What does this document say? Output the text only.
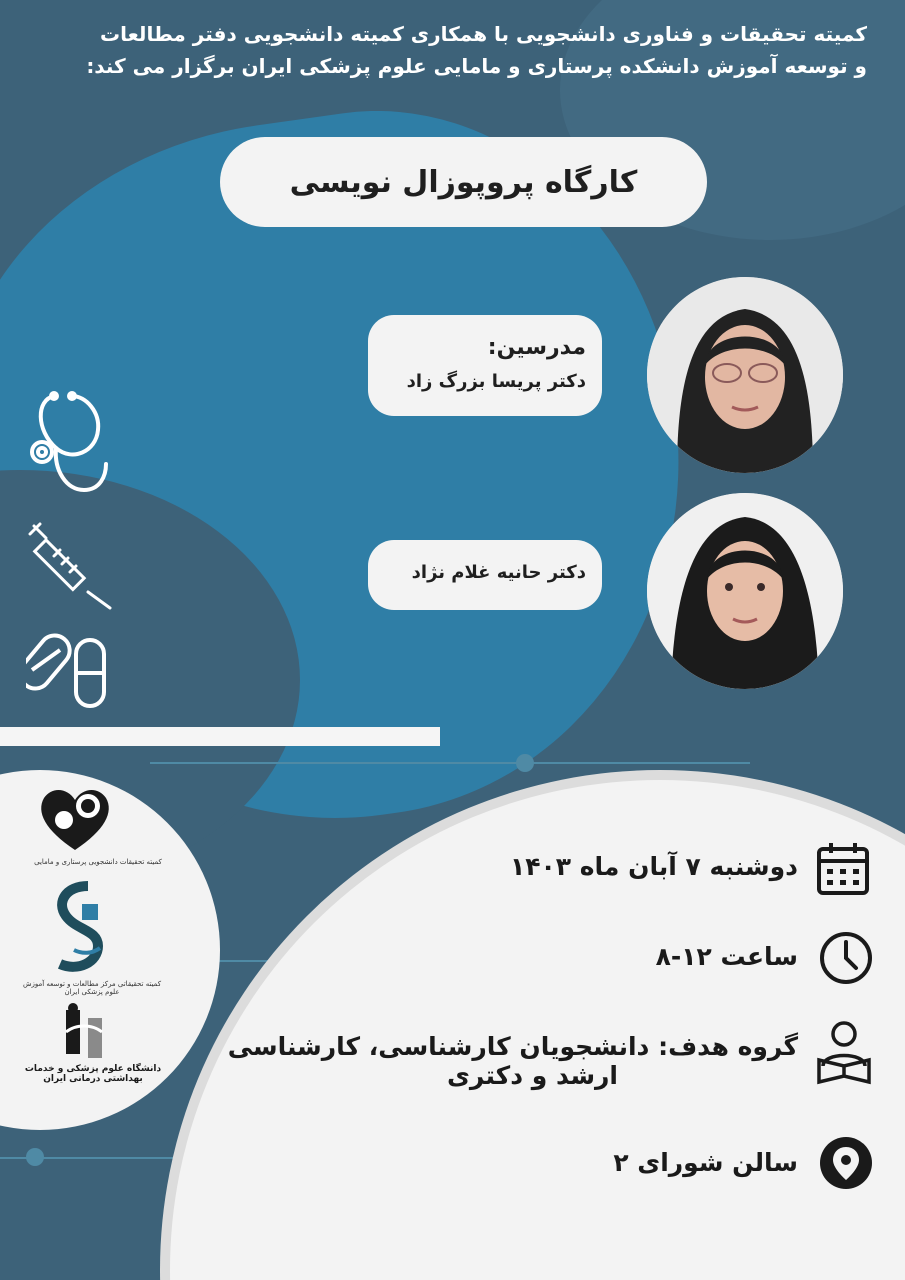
کمیته تحقیقات و فناوری دانشجویی با همکاری کمیته دانشجویی دفتر مطالعات
و توسعه آموزش دانشکده پرستاری و مامایی علوم پزشکی ایران برگزار می کند:
کارگاه پروپوزال نویسی
مدرسین:
دکتر پریسا بزرگ زاد
دکتر حانیه غلام نژاد
کمیته تحقیقات دانشجویی پرستاری و مامایی
کمیته تحقیقاتی مرکز مطالعات و توسعه آموزش علوم پزشکی ایران
دانشگاه علوم پزشکی و خدمات بهداشتی درمانی ایران
دوشنبه ۷ آبان ماه ۱۴۰۳
ساعت ۱۲-۸
گروه هدف: دانشجویان کارشناسی، کارشناسی
ارشد و دکتری
سالن شورای ۲
